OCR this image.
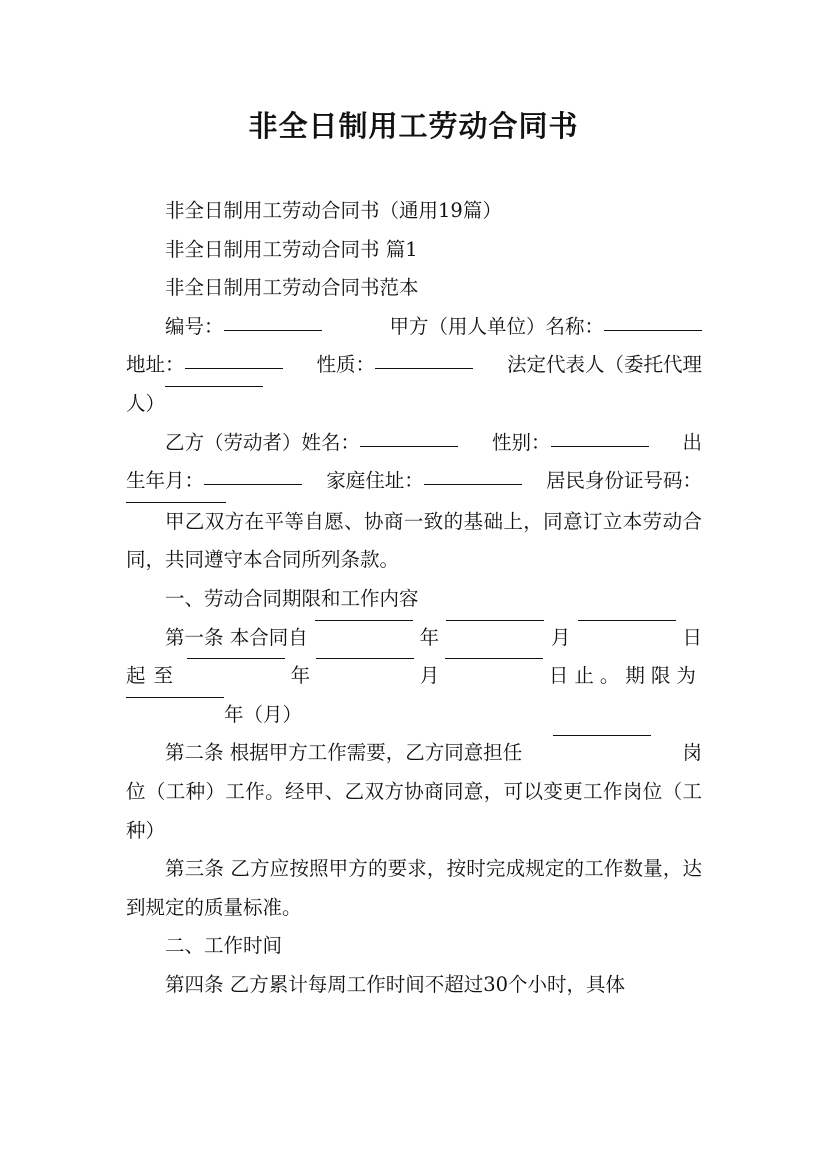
非全日制用工劳动合同书
非全日制用工劳动合同书（通用19篇）
非全日制用工劳动合同书 篇1
非全日制用工劳动合同书范本
编号：	甲方（用人单位）名称：
地址：	性质：	法定代表人（委托代理
人）
乙方（劳动者）姓名：	性别：	出
生年月：	家庭住址：	居民身份证号码：

甲乙双方在平等自愿、协商一致的基础上，同意订立本劳动合同，共同遵守本合同所列条款。

一、劳动合同期限和工作内容
第一条 本合同自	年	月	日
起至	年	月	日止。期限为
年（月）
第二条 根据甲方工作需要，乙方同意担任	岗

位（工种）工作。经甲、乙双方协商同意，可以变更工作岗位（工种）

第三条 乙方应按照甲方的要求，按时完成规定的工作数量，达到规定的质量标准。

二、工作时间

第四条 乙方累计每周工作时间不超过30个小时，具体
